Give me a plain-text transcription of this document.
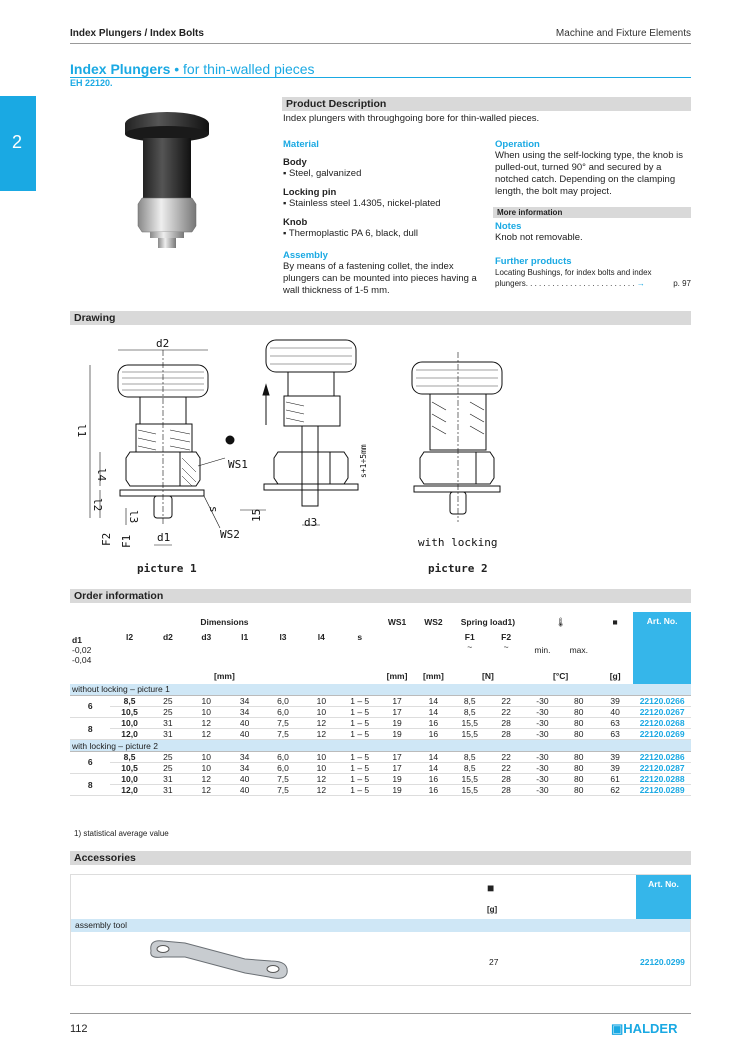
Index Plungers / Index Bolts	Machine and Fixture Elements
2
Index Plungers • for thin-walled pieces
EH 22120.
Product Description
Index plungers with throughgoing bore for thin-walled pieces.
Material
Body
▪ Steel, galvanized
Locking pin
▪ Stainless steel 1.4305, nickel-plated
Knob
▪ Thermoplastic PA 6, black, dull
Assembly
By means of a fastening collet, the index plungers can be mounted into pieces having a wall thickness of 1-5 mm.
Operation
When using the self-locking type, the knob is pulled-out, turned 90° and secured by a notched catch. Depending on the clamping length, the bolt may project.
More information
Notes
Knob not removable.
Further products
Locating Bushings, for index bolts and index
plungers. . . . . . . . . . . . . . . . . . . . . . . . . →	p. 97
Drawing
d2
l1
l4
l2
l3
s
F2 F1 d1
WS1
WS2
15
d3
s+1÷5mm
with locking
picture 1	picture 2
Order information
Dimensions								WS1	WS2	Spring load1)		🌡		■	Art. No.
d1
-0,02
-0,04	l2	d2	d3	l1	l3	l4	s			F1
~	F2
~	min.	max.		
[mm]								[mm]	[mm]	[N]		[°C]		[g]	
without locking – picture 1															
6	8,5	25	10	34	6,0	10	1 – 5	17	14	8,5	22	-30	80	39	22120.0266
	10,5	25	10	34	6,0	10	1 – 5	17	14	8,5	22	-30	80	40	22120.0267
8	10,0	31	12	40	7,5	12	1 – 5	19	16	15,5	28	-30	80	63	22120.0268
	12,0	31	12	40	7,5	12	1 – 5	19	16	15,5	28	-30	80	63	22120.0269
with locking – picture 2															
6	8,5	25	10	34	6,0	10	1 – 5	17	14	8,5	22	-30	80	39	22120.0286
	10,5	25	10	34	6,0	10	1 – 5	17	14	8,5	22	-30	80	39	22120.0287
8	10,0	31	12	40	7,5	12	1 – 5	19	16	15,5	28	-30	80	61	22120.0288
	12,0	31	12	40	7,5	12	1 – 5	19	16	15,5	28	-30	80	62	22120.0289
1) statistical average value
Accessories
Art. No.
■
[g]
assembly tool
27	22120.0299
112	▣HALDER
